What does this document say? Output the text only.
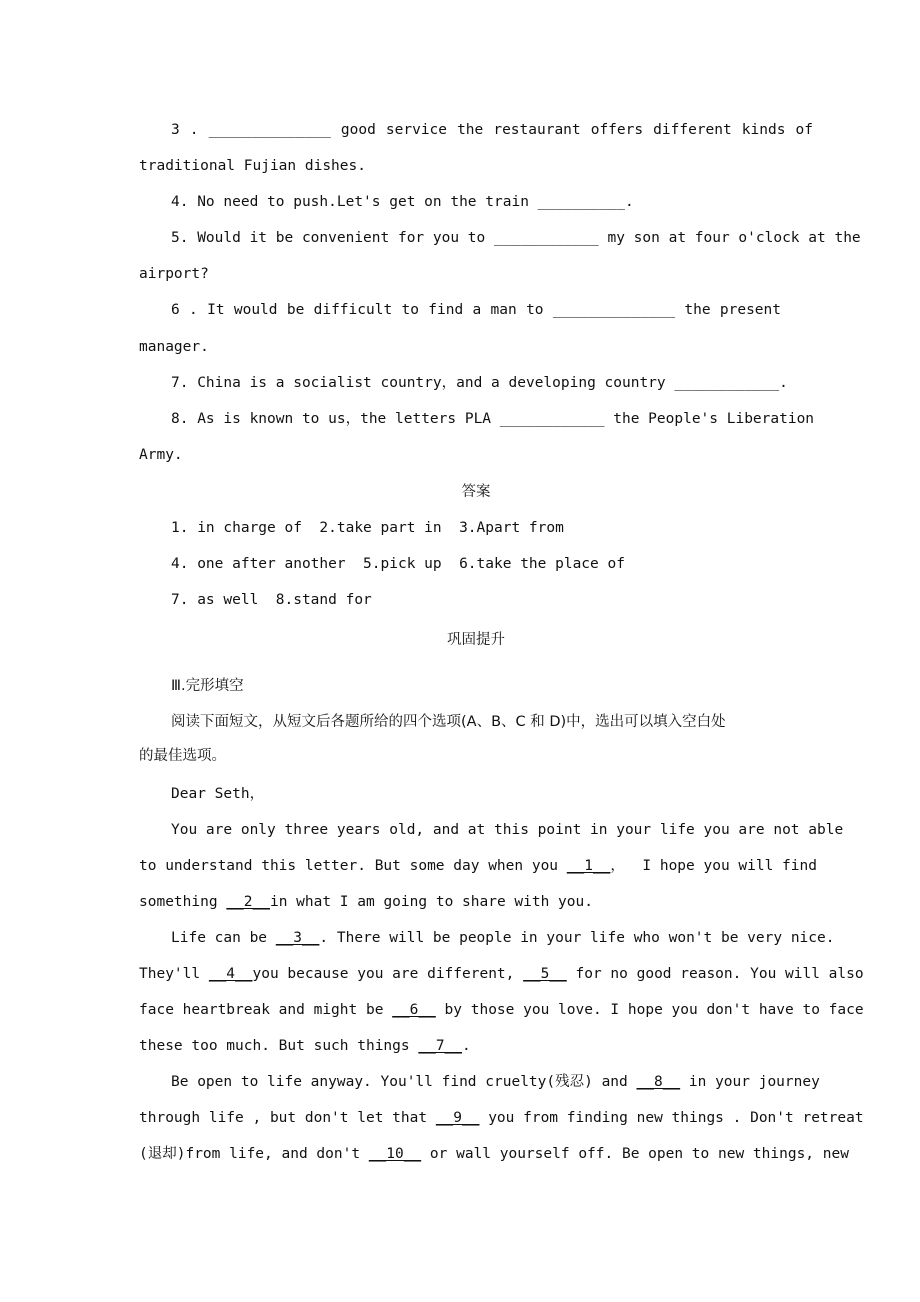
3 . ______________ good service the restaurant offers different kinds of
traditional Fujian dishes.
4. No need to push.Let's get on the train __________.
5. Would it be convenient for you to ____________ my son at four o'clock at the
airport?
6 . It would be difficult to find a man to ______________ the present
manager.
7. China is a socialist country，and a developing country ____________.
8. As is known to us，the letters PLA ____________ the People's Liberation
Army.
答案
1. in charge of  2.take part in  3.Apart from
4. one after another  5.pick up  6.take the place of
7. as well  8.stand for
巩固提升
Ⅲ.完形填空
阅读下面短文，从短文后各题所给的四个选项(A、B、C 和 D)中，选出可以填入空白处
的最佳选项。
Dear Seth，
You are only three years old, and at this point in your life you are not able
to understand this letter. But some day when you __1__，  I hope you will find
something __2__in what I am going to share with you.
Life can be __3__. There will be people in your life who won't be very nice.
They'll __4__you because you are different, __5__ for no good reason. You will also
face heartbreak and might be __6__ by those you love. I hope you don't have to face
these too much. But such things __7__.
Be open to life anyway. You'll find cruelty(残忍) and __8__ in your journey
through life , but don't let that __9__ you from finding new things . Don't retreat
(退却)from life, and don't __10__ or wall yourself off. Be open to new things, new
